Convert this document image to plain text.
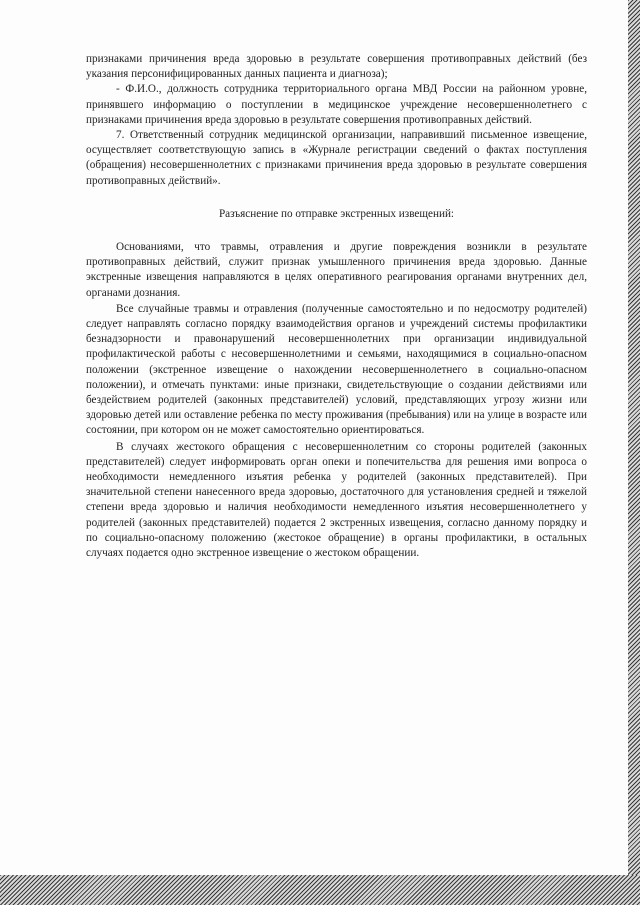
признаками причинения вреда здоровью в результате совершения противоправных действий (без указания персонифицированных данных пациента и диагноза);

- Ф.И.О., должность сотрудника территориального органа МВД России на районном уровне, принявшего информацию о поступлении в медицинское учреждение несовершеннолетнего с признаками причинения вреда здоровью в результате совершения противоправных действий.

7. Ответственный сотрудник медицинской организации, направивший письменное извещение, осуществляет соответствующую запись в «Журнале регистрации сведений о фактах поступления (обращения) несовершеннолетних с признаками причинения вреда здоровью в результате совершения противоправных действий».

Разъяснение по отправке экстренных извещений:

Основаниями, что травмы, отравления и другие повреждения возникли в результате противоправных действий, служит признак умышленного причинения вреда здоровью. Данные экстренные извещения направляются в целях оперативного реагирования органами внутренних дел, органами дознания.

Все случайные травмы и отравления (полученные самостоятельно и по недосмотру родителей) следует направлять согласно порядку взаимодействия органов и учреждений системы профилактики безнадзорности и правонарушений несовершеннолетних при организации индивидуальной профилактической работы с несовершеннолетними и семьями, находящимися в социально-опасном положении (экстренное извещение о нахождении несовершеннолетнего в социально-опасном положении), и отмечать пунктами: иные признаки, свидетельствующие о создании действиями или бездействием родителей (законных представителей) условий, представляющих угрозу жизни или здоровью детей или оставление ребенка по месту проживания (пребывания) или на улице в возрасте или состоянии, при котором он не может самостоятельно ориентироваться.

В случаях жестокого обращения с несовершеннолетним со стороны родителей (законных представителей) следует информировать орган опеки и попечительства для решения ими вопроса о необходимости немедленного изъятия ребенка у родителей (законных представителей). При значительной степени нанесенного вреда здоровью, достаточного для установления средней и тяжелой степени вреда здоровью и наличия необходимости немедленного изъятия несовершеннолетнего у родителей (законных представителей) подается 2 экстренных извещения, согласно данному порядку и по социально-опасному положению (жестокое обращение) в органы профилактики, в остальных случаях подается одно экстренное извещение о жестоком обращении.
